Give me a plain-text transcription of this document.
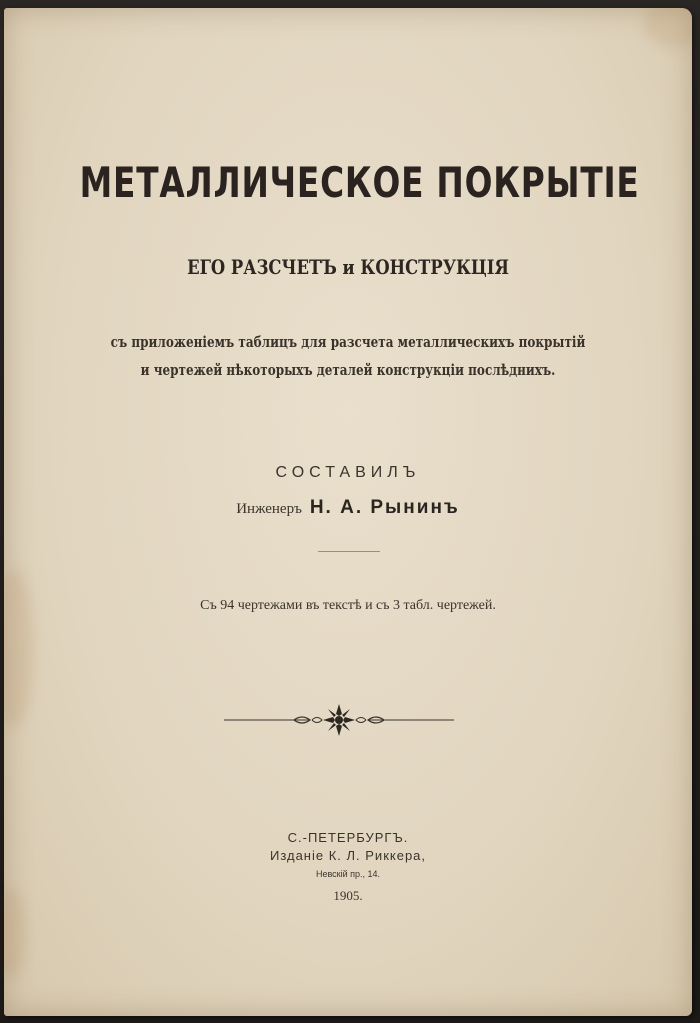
МЕТАЛЛИЧЕСКОЕ ПОКРЫТІЕ
ЕГО РАЗСЧЕТЪ и КОНСТРУКЦІЯ
съ приложеніемъ таблицъ для разсчета металлическихъ покрытій
и чертежей нѣкоторыхъ деталей конструкціи послѣднихъ.
СОСТАВИЛЪ
Инженеръ Н. А. Рынинъ
Съ 94 чертежами въ текстѣ и съ 3 табл. чертежей.
С.-ПЕТЕРБУРГЪ.
Изданіе К. Л. Риккера,
Невскій пр., 14.
1905.
